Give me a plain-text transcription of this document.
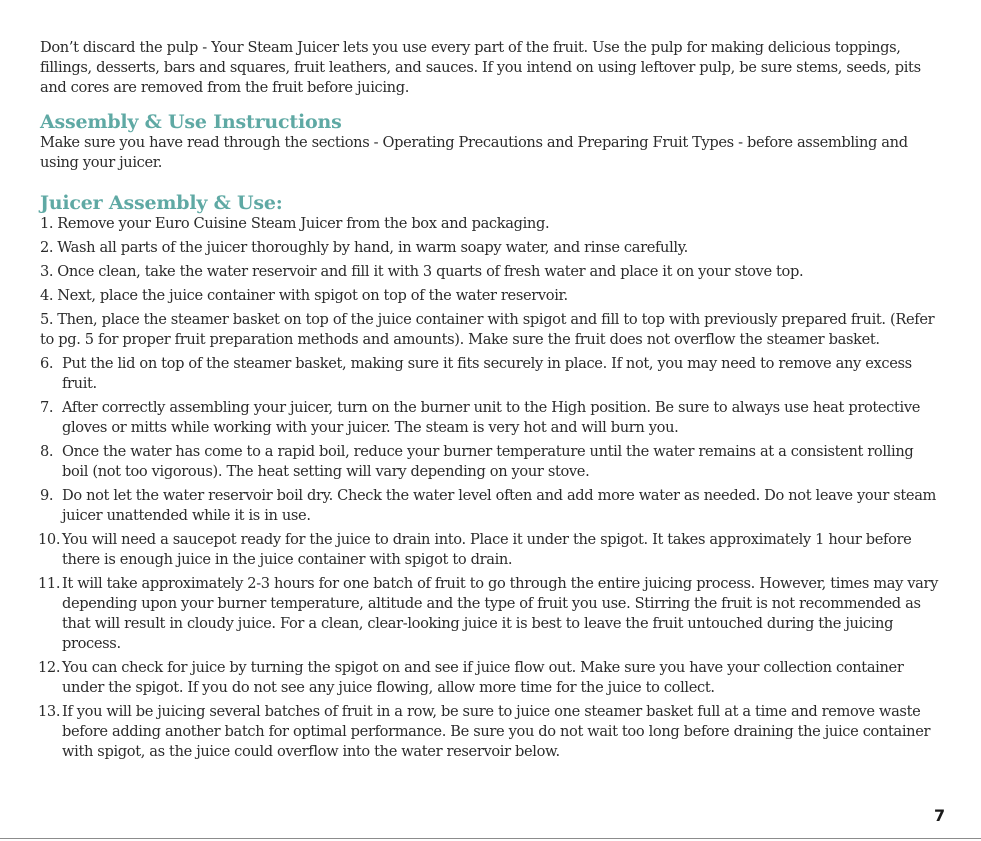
Don’t discard the pulp - Your Steam Juicer lets you use every part of the fruit. Use the pulp for making delicious toppings, fillings, desserts, bars and squares, fruit leathers, and sauces. If you intend on using leftover pulp, be sure stems, seeds, pits and cores are removed from the fruit before juicing.

Assembly & Use Instructions

Make sure you have read through the sections - Operating Precautions and Preparing Fruit Types - before assembling and using your juicer.

Juicer Assembly & Use:
1. Remove your Euro Cuisine Steam Juicer from the box and packaging.
2. Wash all parts of the juicer thoroughly by hand, in warm soapy water, and rinse carefully.
3. Once clean, take the water reservoir and fill it with 3 quarts of fresh water and place it on your stove top.
4. Next, place the juice container with spigot on top of the water reservoir.
5. Then, place the steamer basket on top of the juice container with spigot and fill to top with previously prepared fruit. (Refer to pg. 5 for proper fruit preparation methods and amounts). Make sure the fruit does not overflow the steamer basket.
6. Put the lid on top of the steamer basket, making sure it fits securely in place. If not, you may need to remove any excess fruit.
7. After correctly assembling your juicer, turn on the burner unit to the High position. Be sure to always use heat protective gloves or mitts while working with your juicer. The steam is very hot and will burn you.
8. Once the water has come to a rapid boil, reduce your burner temperature until the water remains at a consistent rolling boil (not too vigorous). The heat setting will vary depending on your stove.
9. Do not let the water reservoir boil dry. Check the water level often and add more water as needed. Do not leave your steam juicer unattended while it is in use.
10. You will need a saucepot ready for the juice to drain into. Place it under the spigot. It takes approximately 1 hour before there is enough juice in the juice container with spigot to drain.
11. It will take approximately 2-3 hours for one batch of fruit to go through the entire juicing process. However, times may vary depending upon your burner temperature, altitude and the type of fruit you use. Stirring the fruit is not recommended as that will result in cloudy juice. For a clean, clear-looking juice it is best to leave the fruit untouched during the juicing process.
12. You can check for juice by turning the spigot on and see if juice flow out. Make sure you have your collection container under the spigot. If you do not see any juice flowing, allow more time for the juice to collect.
13. If you will be juicing several batches of fruit in a row, be sure to juice one steamer basket full at a time and remove waste before adding another batch for optimal performance. Be sure you do not wait too long before draining the juice container with spigot, as the juice could overflow into the water reservoir below.
7
